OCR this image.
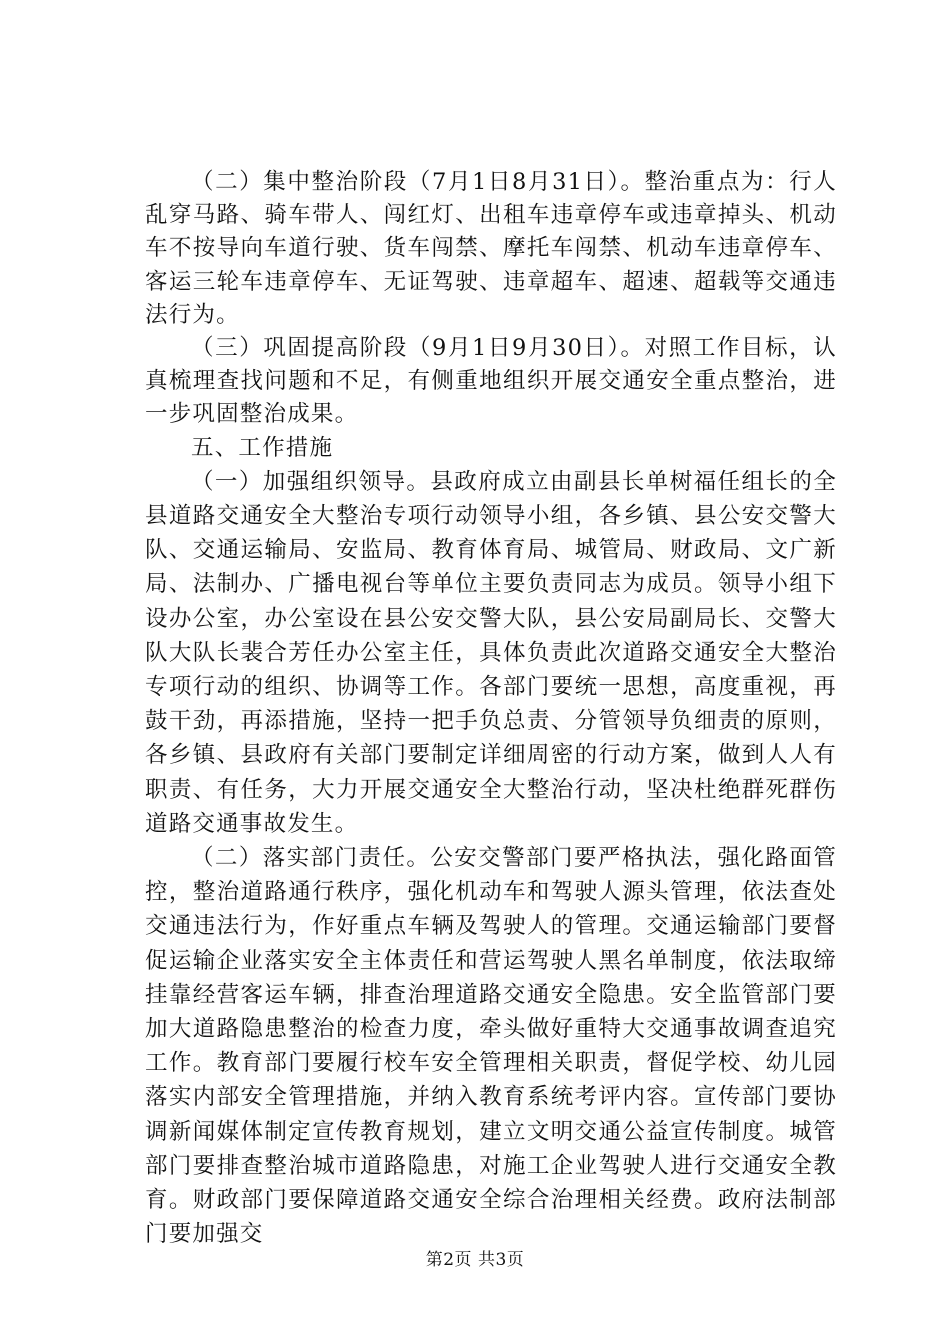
（二）集中整治阶段（7月1日8月31日）。整治重点为：行人乱穿马路、骑车带人、闯红灯、出租车违章停车或违章掉头、机动车不按导向车道行驶、货车闯禁、摩托车闯禁、机动车违章停车、客运三轮车违章停车、无证驾驶、违章超车、超速、超载等交通违法行为。

（三）巩固提高阶段（9月1日9月30日）。对照工作目标，认真梳理查找问题和不足，有侧重地组织开展交通安全重点整治，进一步巩固整治成果。

五、工作措施

（一）加强组织领导。县政府成立由副县长单树福任组长的全县道路交通安全大整治专项行动领导小组，各乡镇、县公安交警大队、交通运输局、安监局、教育体育局、城管局、财政局、文广新局、法制办、广播电视台等单位主要负责同志为成员。领导小组下设办公室，办公室设在县公安交警大队，县公安局副局长、交警大队大队长裴合芳任办公室主任，具体负责此次道路交通安全大整治专项行动的组织、协调等工作。各部门要统一思想，高度重视，再鼓干劲，再添措施，坚持一把手负总责、分管领导负细责的原则，各乡镇、县政府有关部门要制定详细周密的行动方案，做到人人有职责、有任务，大力开展交通安全大整治行动，坚决杜绝群死群伤道路交通事故发生。

（二）落实部门责任。公安交警部门要严格执法，强化路面管控，整治道路通行秩序，强化机动车和驾驶人源头管理，依法查处交通违法行为，作好重点车辆及驾驶人的管理。交通运输部门要督促运输企业落实安全主体责任和营运驾驶人黑名单制度，依法取缔挂靠经营客运车辆，排查治理道路交通安全隐患。安全监管部门要加大道路隐患整治的检查力度，牵头做好重特大交通事故调查追究工作。教育部门要履行校车安全管理相关职责，督促学校、幼儿园落实内部安全管理措施，并纳入教育系统考评内容。宣传部门要协调新闻媒体制定宣传教育规划，建立文明交通公益宣传制度。城管部门要排查整治城市道路隐患，对施工企业驾驶人进行交通安全教育。财政部门要保障道路交通安全综合治理相关经费。政府法制部门要加强交

第2页 共3页
